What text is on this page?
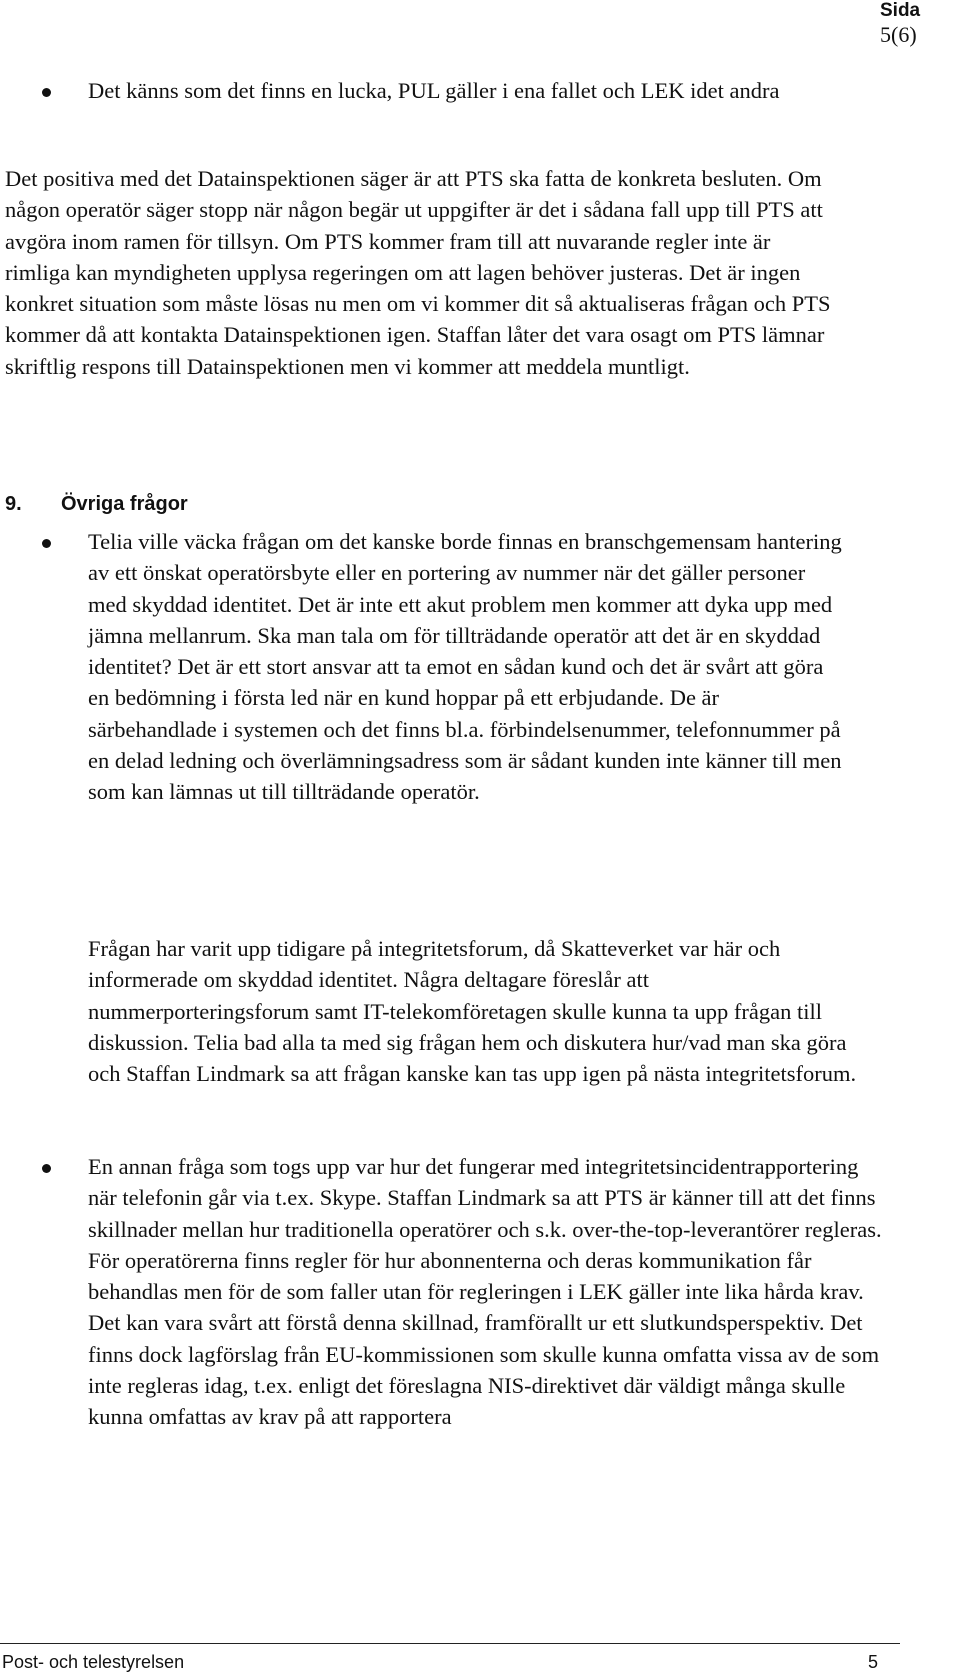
Sida
5(6)

Det känns som det finns en lucka, PUL gäller i ena fallet och LEK idet andra

Det positiva med det Datainspektionen säger är att PTS ska fatta de konkreta besluten. Om någon operatör säger stopp när någon begär ut uppgifter är det i sådana fall upp till PTS att avgöra inom ramen för tillsyn. Om PTS kommer fram till att nuvarande regler inte är rimliga kan myndigheten upplysa regeringen om att lagen behöver justeras. Det är ingen konkret situation som måste lösas nu men om vi kommer dit så aktualiseras frågan och PTS kommer då att kontakta Datainspektionen igen. Staffan låter det vara osagt om PTS lämnar skriftlig respons till Datainspektionen men vi kommer att meddela muntligt.

9. Övriga frågor

Telia ville väcka frågan om det kanske borde finnas en branschgemensam hantering av ett önskat operatörsbyte eller en portering av nummer när det gäller personer med skyddad identitet. Det är inte ett akut problem men kommer att dyka upp med jämna mellanrum. Ska man tala om för tillträdande operatör att det är en skyddad identitet? Det är ett stort ansvar att ta emot en sådan kund och det är svårt att göra en bedömning i första led när en kund hoppar på ett erbjudande. De är särbehandlade i systemen och det finns bl.a. förbindelsenummer, telefonnummer på en delad ledning och överlämningsadress som är sådant kunden inte känner till men som kan lämnas ut till tillträdande operatör.

Frågan har varit upp tidigare på integritetsforum, då Skatteverket var här och informerade om skyddad identitet. Några deltagare föreslår att nummerporteringsforum samt IT-telekomföretagen skulle kunna ta upp frågan till diskussion. Telia bad alla ta med sig frågan hem och diskutera hur/vad man ska göra och Staffan Lindmark sa att frågan kanske kan tas upp igen på nästa integritetsforum.

En annan fråga som togs upp var hur det fungerar med integritetsincidentrapportering när telefonin går via t.ex. Skype. Staffan Lindmark sa att PTS är känner till att det finns skillnader mellan hur traditionella operatörer och s.k. over-the-top-leverantörer regleras. För operatörerna finns regler för hur abonnenterna och deras kommunikation får behandlas men för de som faller utan för regleringen i LEK gäller inte lika hårda krav. Det kan vara svårt att förstå denna skillnad, framförallt ur ett slutkundsperspektiv. Det finns dock lagförslag från EU-kommissionen som skulle kunna omfatta vissa av de som inte regleras idag, t.ex. enligt det föreslagna NIS-direktivet där väldigt många skulle kunna omfattas av krav på att rapportera

Post- och telestyrelsen	5
